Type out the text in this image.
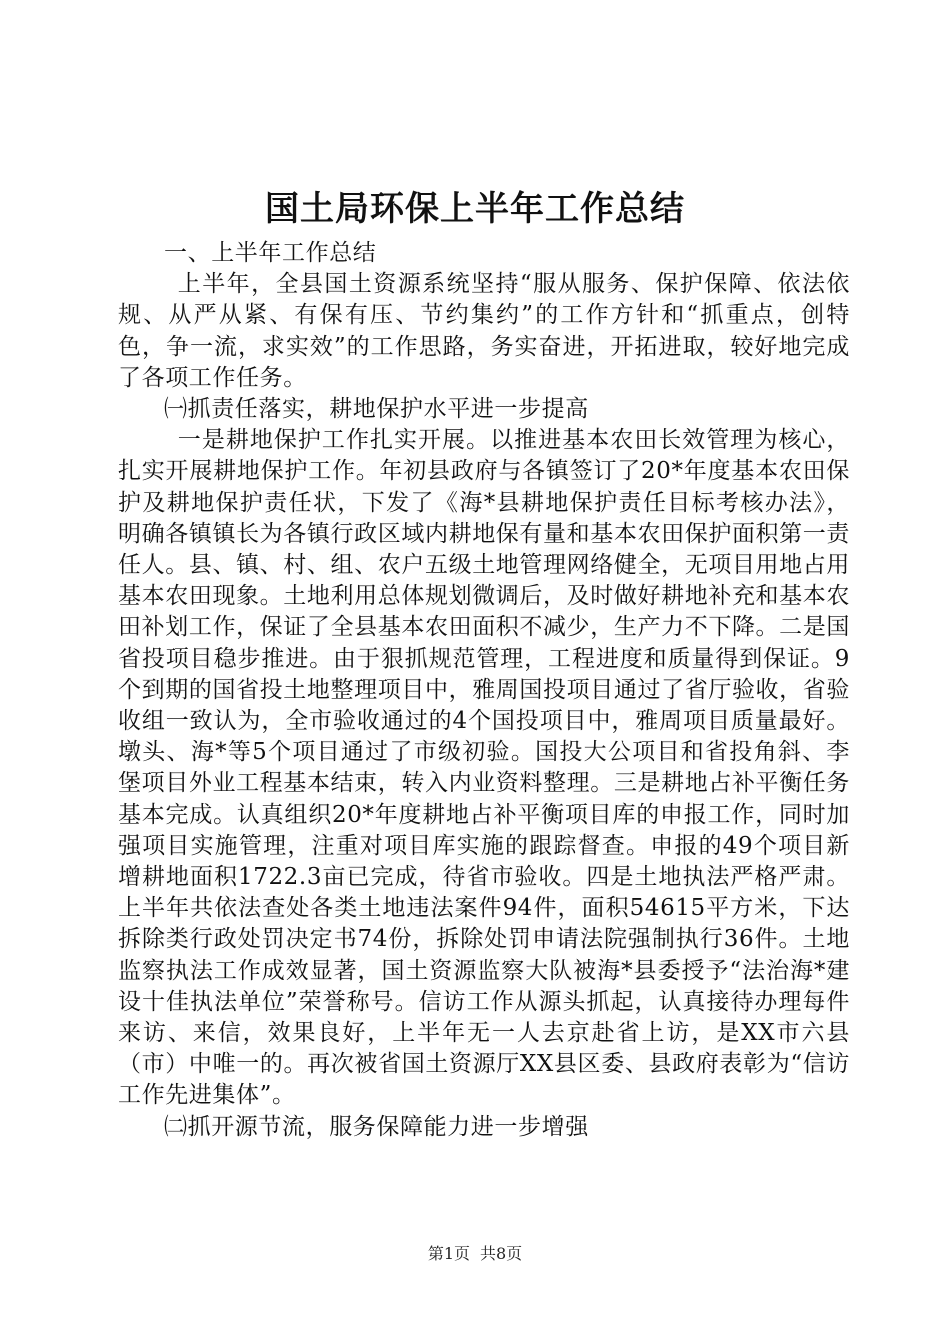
国土局环保上半年工作总结

一、上半年工作总结

上半年，全县国土资源系统坚持“服从服务、保护保障、依法依规、从严从紧、有保有压、节约集约”的工作方针和“抓重点，创特色，争一流，求实效”的工作思路，务实奋进，开拓进取，较好地完成了各项工作任务。

㈠抓责任落实，耕地保护水平进一步提高

一是耕地保护工作扎实开展。以推进基本农田长效管理为核心，扎实开展耕地保护工作。年初县政府与各镇签订了20*年度基本农田保护及耕地保护责任状，下发了《海*县耕地保护责任目标考核办法》，明确各镇镇长为各镇行政区域内耕地保有量和基本农田保护面积第一责任人。县、镇、村、组、农户五级土地管理网络健全，无项目用地占用基本农田现象。土地利用总体规划微调后，及时做好耕地补充和基本农田补划工作，保证了全县基本农田面积不减少，生产力不下降。二是国省投项目稳步推进。由于狠抓规范管理，工程进度和质量得到保证。9个到期的国省投土地整理项目中，雅周国投项目通过了省厅验收，省验收组一致认为，全市验收通过的4个国投项目中，雅周项目质量最好。墩头、海*等5个项目通过了市级初验。国投大公项目和省投角斜、李堡项目外业工程基本结束，转入内业资料整理。三是耕地占补平衡任务基本完成。认真组织20*年度耕地占补平衡项目库的申报工作，同时加强项目实施管理，注重对项目库实施的跟踪督查。申报的49个项目新增耕地面积1722.3亩已完成，待省市验收。四是土地执法严格严肃。上半年共依法查处各类土地违法案件94件，面积54615平方米，下达拆除类行政处罚决定书74份，拆除处罚申请法院强制执行36件。土地监察执法工作成效显著，国土资源监察大队被海*县委授予“法治海*建设十佳执法单位”荣誉称号。信访工作从源头抓起，认真接待办理每件来访、来信，效果良好，上半年无一人去京赴省上访，是XX市六县（市）中唯一的。再次被省国土资源厅XX县区委、县政府表彰为“信访工作先进集体”。

㈡抓开源节流，服务保障能力进一步增强

第1页 共8页
